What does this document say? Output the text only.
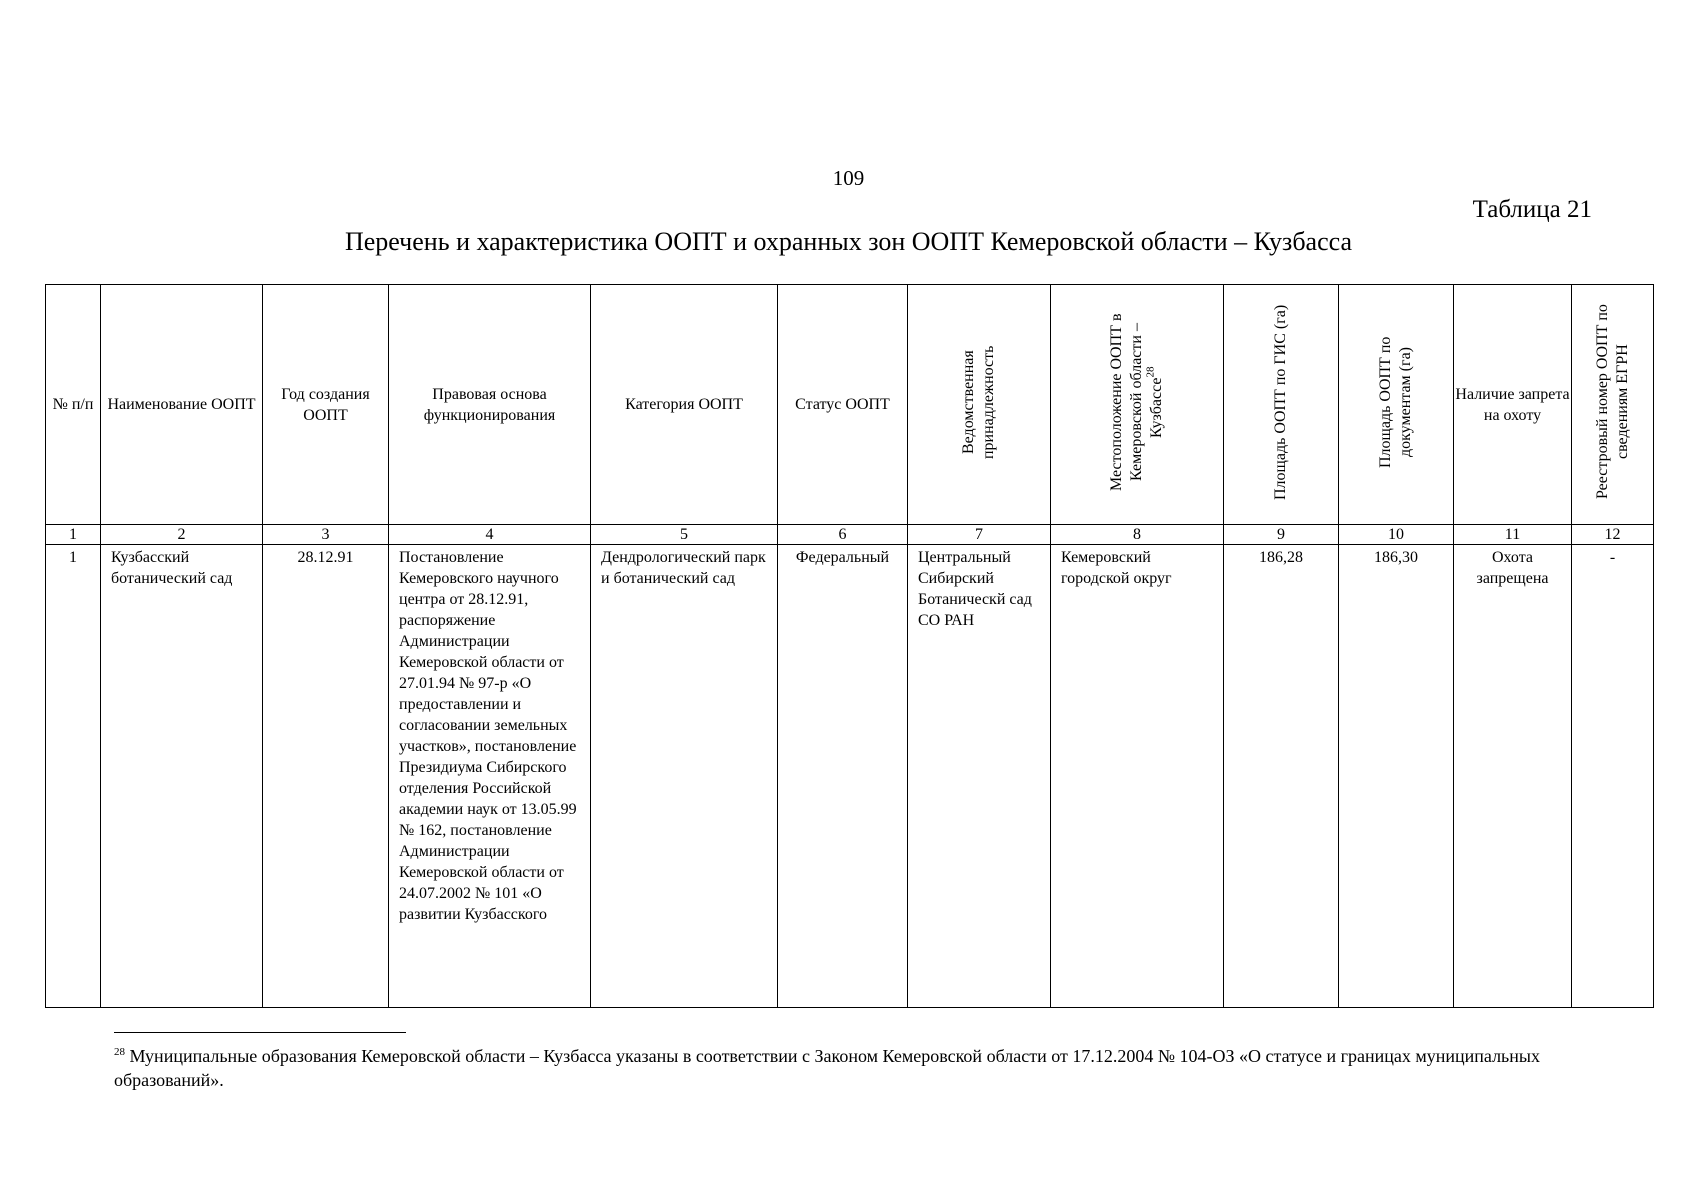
109
Таблица 21
Перечень и характеристика ООПТ и охранных зон ООПТ Кемеровской области – Кузбасса
№ п/п	Наименование ООПТ	Год создания ООПТ	Правовая основа функционирования	Категория ООПТ	Статус ООПТ	Ведомственная принадлежность	Местоположение ООПТ в Кемеровской области – Кузбассе$^{28}$	Площадь ООПТ по ГИС (га)	Площадь ООПТ по документам (га)	Наличие запрета на охоту	Реестровый номер ООПТ по сведениям ЕГРН
1	2	3	4	5	6	7	8	9	10	11	12
1	Кузбасский ботанический сад	28.12.91	Постановление Кемеровского научного центра от 28.12.91, распоряжение Администрации Кемеровской области от 27.01.94 № 97-р «О предоставлении и согласовании земельных участков», постановление Президиума Сибирского отделения Российской академии наук от 13.05.99 № 162, постановление Администрации Кемеровской области от 24.07.2002 № 101 «О развитии Кузбасского	Дендрологический парк и ботанический сад	Федеральный	Центральный Сибирский Ботаническй сад СО РАН	Кемеровский городской округ	186,28	186,30	Охота запрещена	-
$^{28}$ Муниципальные образования Кемеровской области – Кузбасса указаны в соответствии с Законом Кемеровской области от 17.12.2004 № 104-ОЗ «О статусе и границах муниципальных образований».
